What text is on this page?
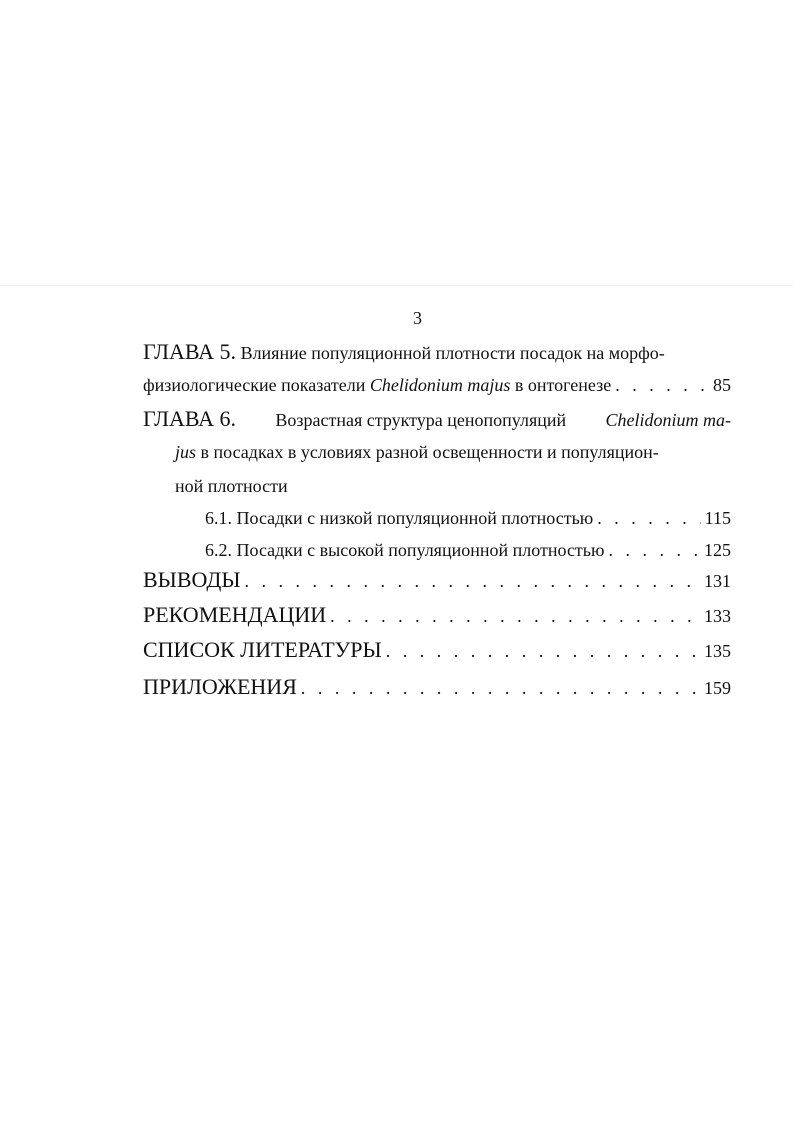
3
ГЛАВА 5.
Влияние популяционной плотности посадок на морфо-
физиологические показатели
Chelidonium majus
в онтогенезе . . .	85
ГЛАВА 6. Возрастная структура ценопопуляций Chelidonium ma-
jus
в посадках в условиях разной освещенности и популяцион-
ной плотности
6.1. Посадки с низкой популяционной плотностью . . .	115
6.2. Посадки с высокой популяционной плотностью . . .	125
ВЫВОДЫ . . .	131
РЕКОМЕНДАЦИИ . . .	133
СПИСОК ЛИТЕРАТУРЫ . . .	135
ПРИЛОЖЕНИЯ . . .	159
